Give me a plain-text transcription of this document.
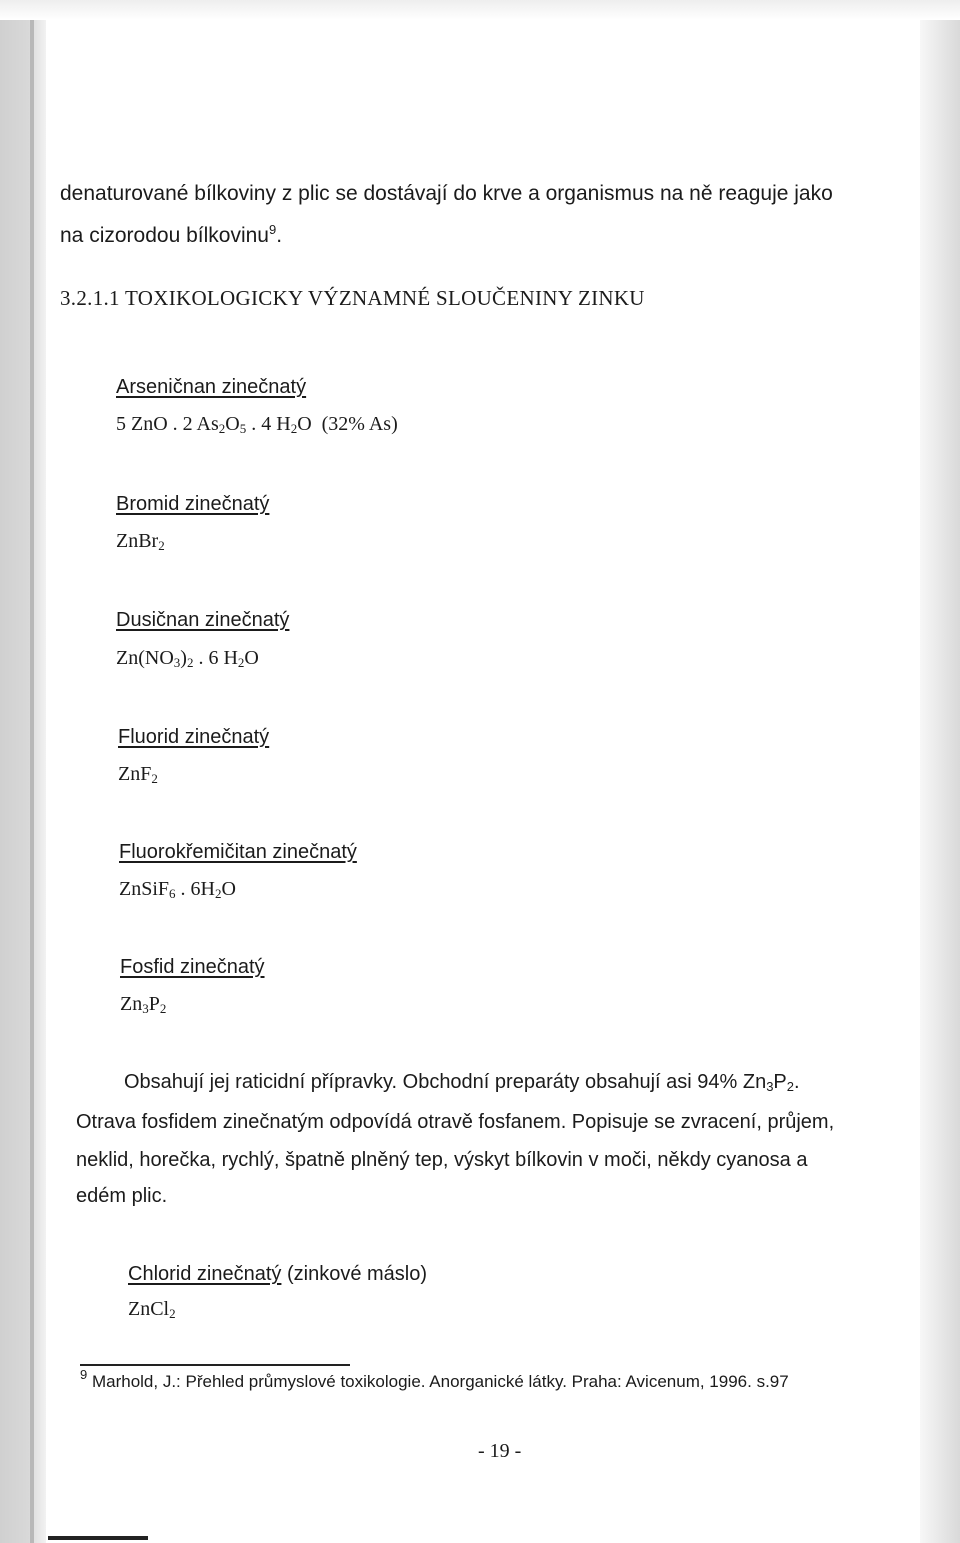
denaturované bílkoviny z plic se dostávají do krve a organismus na ně reaguje jako
na cizorodou bílkovinu$^9$.
3.2.1.1 TOXIKOLOGICKY VÝZNAMNÉ SLOUČENINY ZINKU
Arseničnan zinečnatý
5 ZnO . 2 $As_2O_5$ . 4 $H_2O$  (32% As)
Bromid zinečnatý
ZnBr$_2$
Dusičnan zinečnatý
$Zn(NO_3)_2$ . 6 $H_2O$
Fluorid zinečnatý
ZnF$_2$
Fluorokřemičitan zinečnatý
ZnSiF$_6$ . $6H_2O$
Fosfid zinečnatý
$Zn_3P_2$
Obsahují jej raticidní přípravky. Obchodní preparáty obsahují asi 94% $Zn_3P_2$.
Otrava fosfidem zinečnatým odpovídá otravě fosfanem. Popisuje se zvracení, průjem,
neklid, horečka, rychlý, špatně plněný tep, výskyt bílkovin v moči, někdy cyanosa a
edém plic.
Chlorid zinečnatý (zinkové máslo)
ZnCl$_2$
$^9$ Marhold, J.: Přehled průmyslové toxikologie. Anorganické látky. Praha: Avicenum, 1996. s.97
- 19 -
